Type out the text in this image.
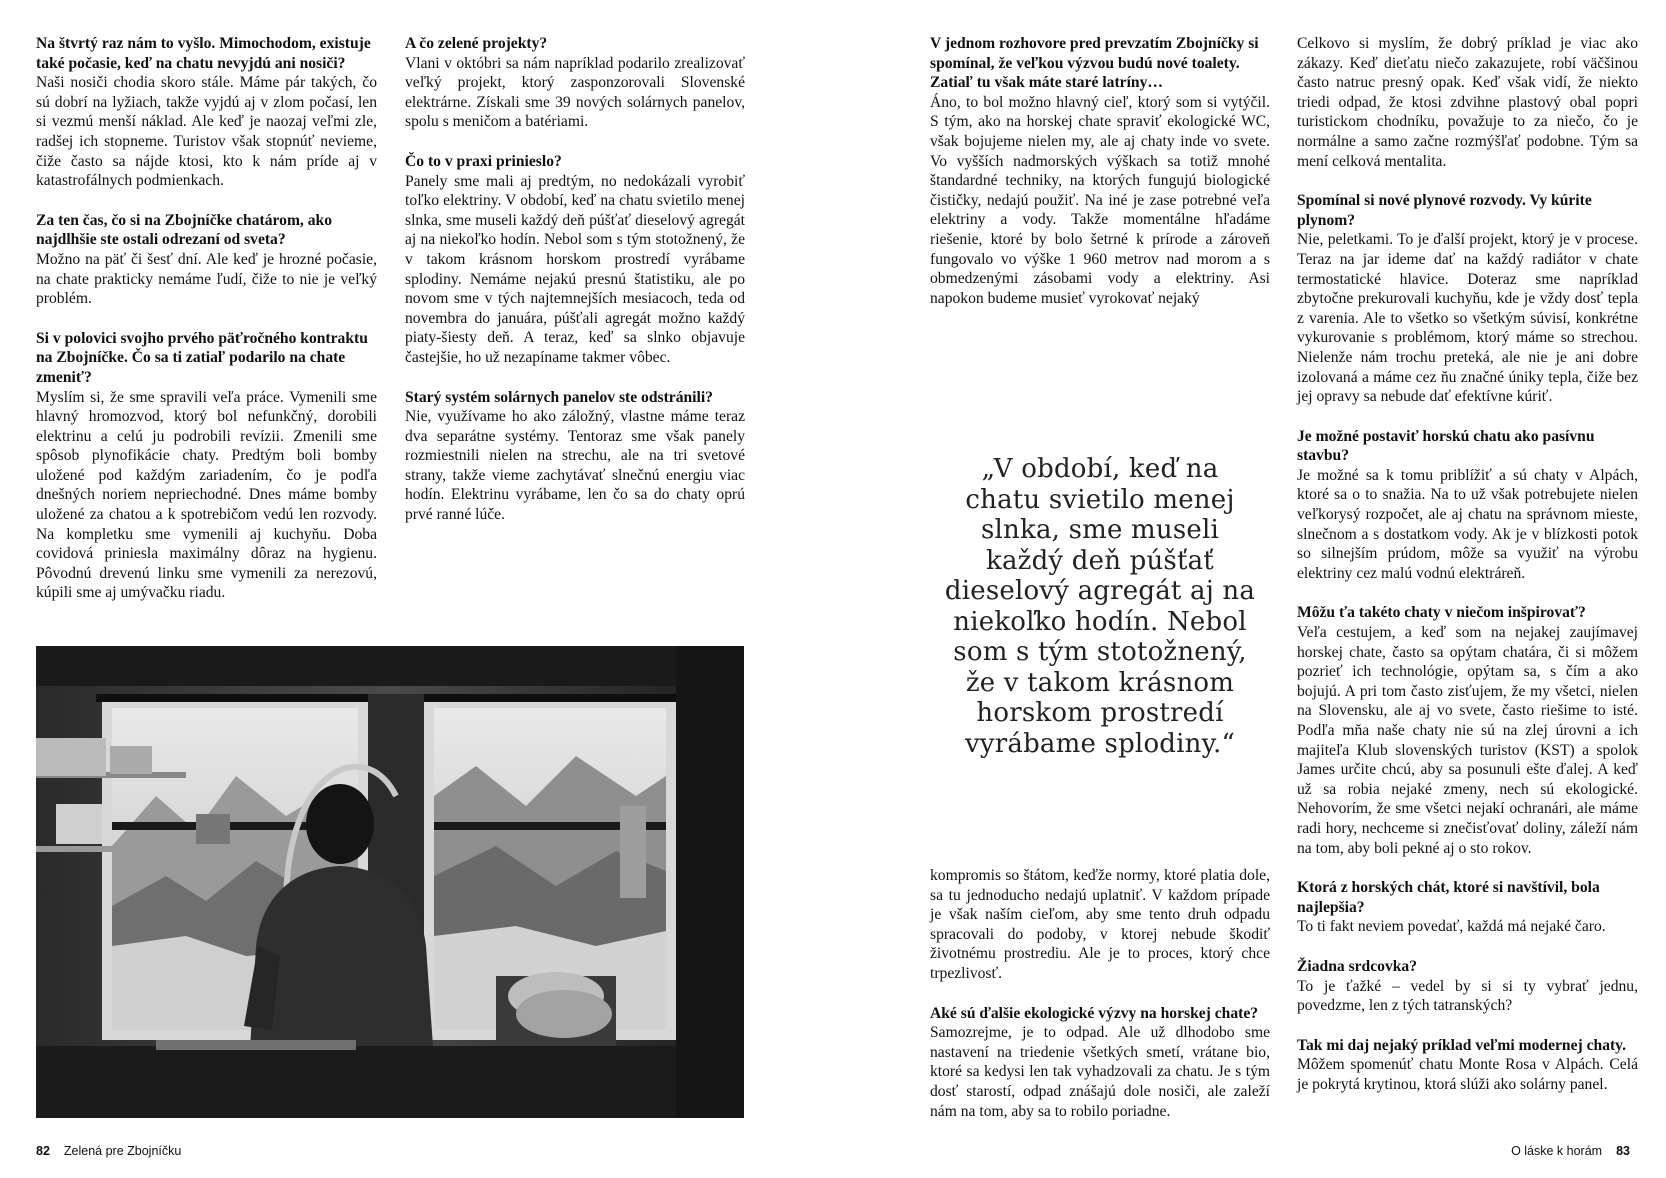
Na štvrtý raz nám to vyšlo. Mimochodom, existuje také počasie, keď na chatu nevyjdú ani nosiči?
Naši nosiči chodia skoro stále. Máme pár takých, čo sú dobrí na lyžiach, takže vyjdú aj v zlom počasí, len si vezmú menší náklad. Ale keď je naozaj veľmi zle, radšej ich stopneme. Turistov však stopnúť nevieme, čiže často sa nájde ktosi, kto k nám príde aj v katastrofálnych podmienkach.

Za ten čas, čo si na Zbojníčke chatárom, ako najdlhšie ste ostali odrezaní od sveta?
Možno na päť či šesť dní. Ale keď je hrozné počasie, na chate prakticky nemáme ľudí, čiže to nie je veľký problém.

Si v polovici svojho prvého päťročného kontraktu na Zbojníčke. Čo sa ti zatiaľ podarilo na chate zmeniť?
Myslím si, že sme spravili veľa práce. Vymenili sme hlavný hromozvod, ktorý bol nefunkčný, dorobili elektrinu a celú ju podrobili revízii. Zmenili sme spôsob plynofikácie chaty. Predtým boli bomby uložené pod každým zariadením, čo je podľa dnešných noriem nepriechodné. Dnes máme bomby uložené za chatou a k spotrebičom vedú len rozvody. Na kompletku sme vymenili aj kuchyňu. Doba covidová priniesla maximálny dôraz na hygienu. Pôvodnú drevenú linku sme vymenili za nerezovú, kúpili sme aj umývačku riadu.

A čo zelené projekty?
Vlani v októbri sa nám napríklad podarilo zrealizovať veľký projekt, ktorý zasponzorovali Slovenské elektrárne. Získali sme 39 nových solárnych panelov, spolu s meničom a batériami.

Čo to v praxi prinieslo?
Panely sme mali aj predtým, no nedokázali vyrobiť toľko elektriny. V období, keď na chatu svietilo menej slnka, sme museli každý deň púšťať dieselový agregát aj na niekoľko hodín. Nebol som s tým stotožnený, že v takom krásnom horskom prostredí vyrábame splodiny. Nemáme nejakú presnú štatistiku, ale po novom sme v tých najtemnejších mesiacoch, teda od novembra do januára, púšťali agregát možno každý piaty-šiesty deň. A teraz, keď sa slnko objavuje častejšie, ho už nezapíname takmer vôbec.

Starý systém solárnych panelov ste odstránili?
Nie, využívame ho ako záložný, vlastne máme teraz dva separátne systémy. Tentoraz sme však panely rozmiestnili nielen na strechu, ale na tri svetové strany, takže vieme zachytávať slnečnú energiu viac hodín. Elektrinu vyrábame, len čo sa do chaty oprú prvé ranné lúče.

82 Zelená pre Zbojníčku

V jednom rozhovore pred prevzatím Zbojníčky si spomínal, že veľkou výzvou budú nové toalety. Zatiaľ tu však máte staré latríny…
Áno, to bol možno hlavný cieľ, ktorý som si vytýčil. S tým, ako na horskej chate spraviť ekologické WC, však bojujeme nielen my, ale aj chaty inde vo svete. Vo vyšších nadmorských výškach sa totiž mnohé štandardné techniky, na ktorých fungujú biologické čističky, nedajú použiť. Na iné je zase potrebné veľa elektriny a vody. Takže momentálne hľadáme riešenie, ktoré by bolo šetrné k prírode a zároveň fungovalo vo výške 1 960 metrov nad morom a s obmedzenými zásobami vody a elektriny. Asi napokon budeme musieť vyrokovať nejaký

„V období, keď na chatu svietilo menej slnka, sme museli každý deň púšťať dieselový agregát aj na niekoľko hodín. Nebol som s tým stotožnený, že v takom krásnom horskom prostredí vyrábame splodiny.“

kompromis so štátom, keďže normy, ktoré platia dole, sa tu jednoducho nedajú uplatniť. V každom prípade je však naším cieľom, aby sme tento druh odpadu spracovali do podoby, v ktorej nebude škodiť životnému prostrediu. Ale je to proces, ktorý chce trpezlivosť.

Aké sú ďalšie ekologické výzvy na horskej chate?
Samozrejme, je to odpad. Ale už dlhodobo sme nastavení na triedenie všetkých smetí, vrátane bio, ktoré sa kedysi len tak vyhadzovali za chatu. Je s tým dosť starostí, odpad znášajú dole nosiči, ale zaleží nám na tom, aby sa to robilo poriadne.

Celkovo si myslím, že dobrý príklad je viac ako zákazy. Keď dieťatu niečo zakazujete, robí väčšinou často natruc presný opak. Keď však vidí, že niekto triedi odpad, že ktosi zdvihne plastový obal popri turistickom chodníku, považuje to za niečo, čo je normálne a samo začne rozmýšľať podobne. Tým sa mení celková mentalita.

Spomínal si nové plynové rozvody. Vy kúrite plynom?
Nie, peletkami. To je ďalší projekt, ktorý je v procese. Teraz na jar ideme dať na každý radiátor v chate termostatické hlavice. Doteraz sme napríklad zbytočne prekurovali kuchyňu, kde je vždy dosť tepla z varenia. Ale to všetko so všetkým súvisí, konkrétne vykurovanie s problémom, ktorý máme so strechou. Nielenže nám trochu preteká, ale nie je ani dobre izolovaná a máme cez ňu značné úniky tepla, čiže bez jej opravy sa nebude dať efektívne kúriť.

Je možné postaviť horskú chatu ako pasívnu stavbu?
Je možné sa k tomu priblížiť a sú chaty v Alpách, ktoré sa o to snažia. Na to už však potrebujete nielen veľkorysý rozpočet, ale aj chatu na správnom mieste, slnečnom a s dostatkom vody. Ak je v blízkosti potok so silnejším prúdom, môže sa využiť na výrobu elektriny cez malú vodnú elektráreň.

Môžu ťa takéto chaty v niečom inšpirovať?
Veľa cestujem, a keď som na nejakej zaujímavej horskej chate, často sa opýtam chatára, či si môžem pozrieť ich technológie, opýtam sa, s čím a ako bojujú. A pri tom často zisťujem, že my všetci, nielen na Slovensku, ale aj vo svete, často riešime to isté. Podľa mňa naše chaty nie sú na zlej úrovni a ich majiteľa Klub slovenských turistov (KST) a spolok James určite chcú, aby sa posunuli ešte ďalej. A keď už sa robia nejaké zmeny, nech sú ekologické. Nehovorím, že sme všetci nejakí ochranári, ale máme radi hory, nechceme si znečisťovať doliny, záleží nám na tom, aby boli pekné aj o sto rokov.

Ktorá z horských chát, ktoré si navštívil, bola najlepšia?
To ti fakt neviem povedať, každá má nejaké čaro.

Žiadna srdcovka?
To je ťažké – vedel by si si ty vybrať jednu, povedzme, len z tých tatranských?

Tak mi daj nejaký príklad veľmi modernej chaty.
Môžem spomenúť chatu Monte Rosa v Alpách. Celá je pokrytá krytinou, ktorá slúži ako solárny panel.

O láske k horám 83
